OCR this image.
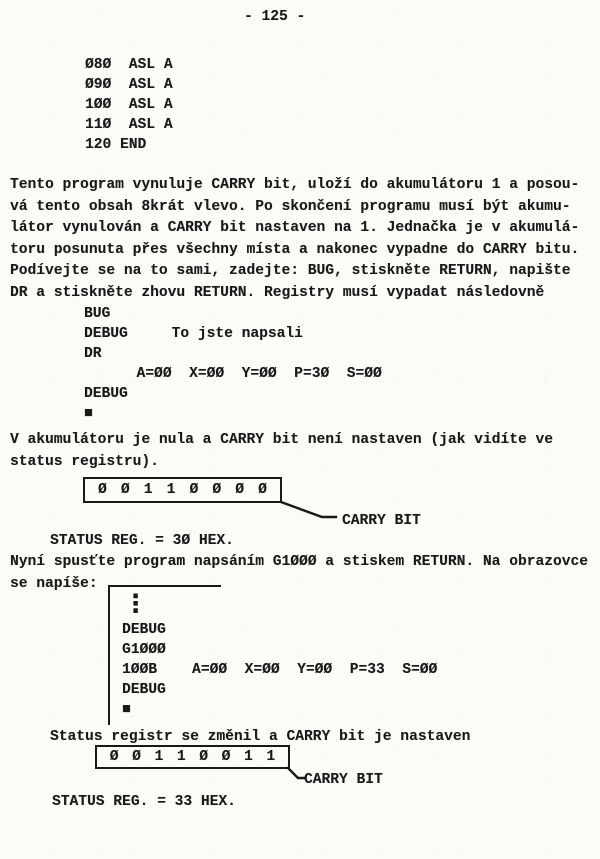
- 125 -
Ø8Ø  ASL A
Ø9Ø  ASL A
1ØØ  ASL A
11Ø  ASL A
120 END
Tento program vynuluje CARRY bit, uloží do akumulátoru 1 a posou-
vá tento obsah 8krát vlevo. Po skončení programu musí být akumu-
látor vynulován a CARRY bit nastaven na 1. Jednačka je v akumulá-
toru posunuta přes všechny místa a nakonec vypadne do CARRY bitu.
Podívejte se na to sami, zadejte: BUG, stiskněte RETURN, napište
DR a stiskněte zhovu RETURN. Registry musí vypadat následovně
BUG
DEBUG     To jste napsali
DR
A=ØØ  X=ØØ  Y=ØØ  P=3Ø  S=ØØ
DEBUG
■
V akumulátoru je nula a CARRY bit není nastaven (jak vidíte ve
status registru).
Ø Ø 1 1 Ø Ø Ø Ø
CARRY BIT
STATUS REG. = 3Ø HEX.
Nyní spusťte program napsáním G1ØØØ a stiskem RETURN. Na obrazovce
se napíše:
⋮
DEBUG
G1ØØØ
1ØØB    A=ØØ  X=ØØ  Y=ØØ  P=33  S=ØØ
DEBUG
■
Status registr se změnil a CARRY bit je nastaven
Ø Ø 1 1 Ø Ø 1 1
CARRY BIT
STATUS REG. = 33 HEX.
